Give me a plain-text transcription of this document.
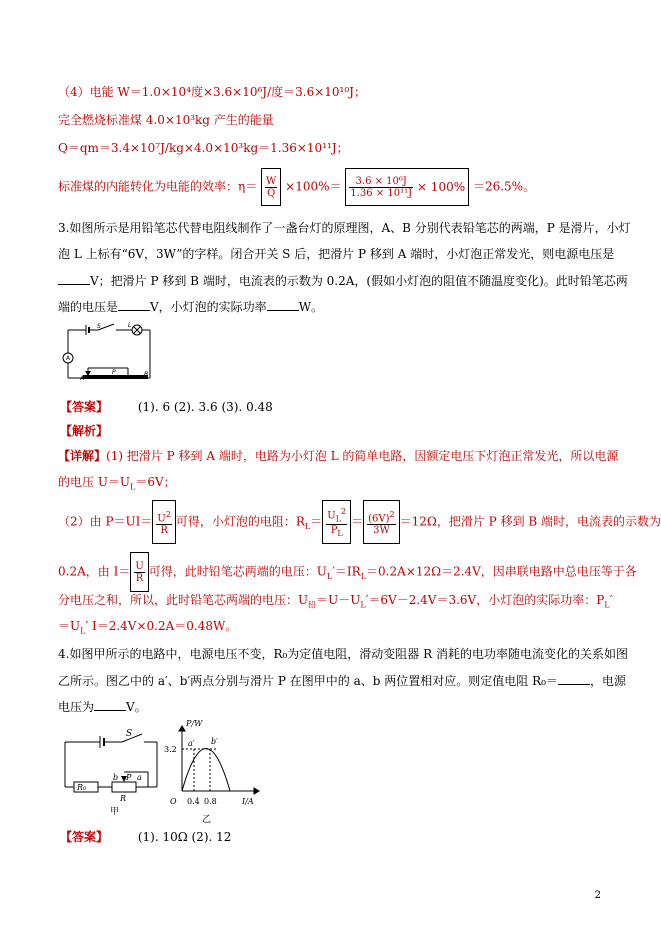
（4）电能 W＝1.0×10⁴度×3.6×10⁶J/度＝3.6×10¹⁰J；
完全燃烧标准煤 4.0×10³kg 产生的能量
Q＝qm＝3.4×10⁷J/kg×4.0×10³kg＝1.36×10¹¹J；
标准煤的内能转化为电能的效率：$\eta= \frac{W}{Q} \times 100\%= \frac{\text{3.6 × 10⁶J}}{\text{1.36 × 10¹¹J}} \times 100\% =26.5\%$。
3.如图所示是用铅笔芯代替电阻线制作了一盏台灯的原理图，A、B 分别代表铅笔芯的两端，P 是滑片，小灯
泡 L 上标有“6V，3W”的字样。闭合开关 S 后，把滑片 P 移到 A 端时，小灯泡正常发光，则电源电压是
V；把滑片 P 移到 B 端时，电流表的示数为 0.2A，(假如小灯泡的阻值不随温度变化)。此时铅笔芯两
端的电压是	V，小灯泡的实际功率	W。
S	L
A
P
A
B
【答案】 (1). 6 (2). 3.6 (3). 0.48
【解析】
【详解】(1) 把滑片 P 移到 A 端时，电路为小灯泡 L 的简单电路，因额定电压下灯泡正常发光，所以电源
的电压 $U=U_L=6V$；
（2）由 $P=UI= \frac{U^2}{R}$ 可得，小灯泡的电阻：$R_L= \frac{U_L^2}{P_L} = \frac{(6V)^2}{3W} =12\Omega$，把滑片 P 移到 B 端时，电流表的示数为
0.2A，由 $I= \frac{U}{R}$ 可得，此时铅笔芯两端的电压：$U_L'=IR_L=0.2A\times 12\Omega=2.4V$，因串联电路中总电压等于各
分电压之和，所以，此时铅笔芯两端的电压：$U_铅=U-U_L'=6V-2.4V=3.6V$，小灯泡的实际功率：$P_L'$
$=U_L'$ I＝2.4V×0.2A＝0.48W。
4.如图甲所示的电路中，电源电压不变，R₀为定值电阻，滑动变阻器 R 消耗的电功率随电流变化的关系如图
乙所示。图乙中的 a′、b′两点分别与滑片 P 在图甲中的 a、b 两位置相对应。则定值电阻 R₀＝	，电源
电压为	V。
S
R₀
R
P
b a
甲
P/W
I/A
O
3.2
0.4 0.8
a′ b′
乙
【答案】 (1). 10Ω (2). 12
2
